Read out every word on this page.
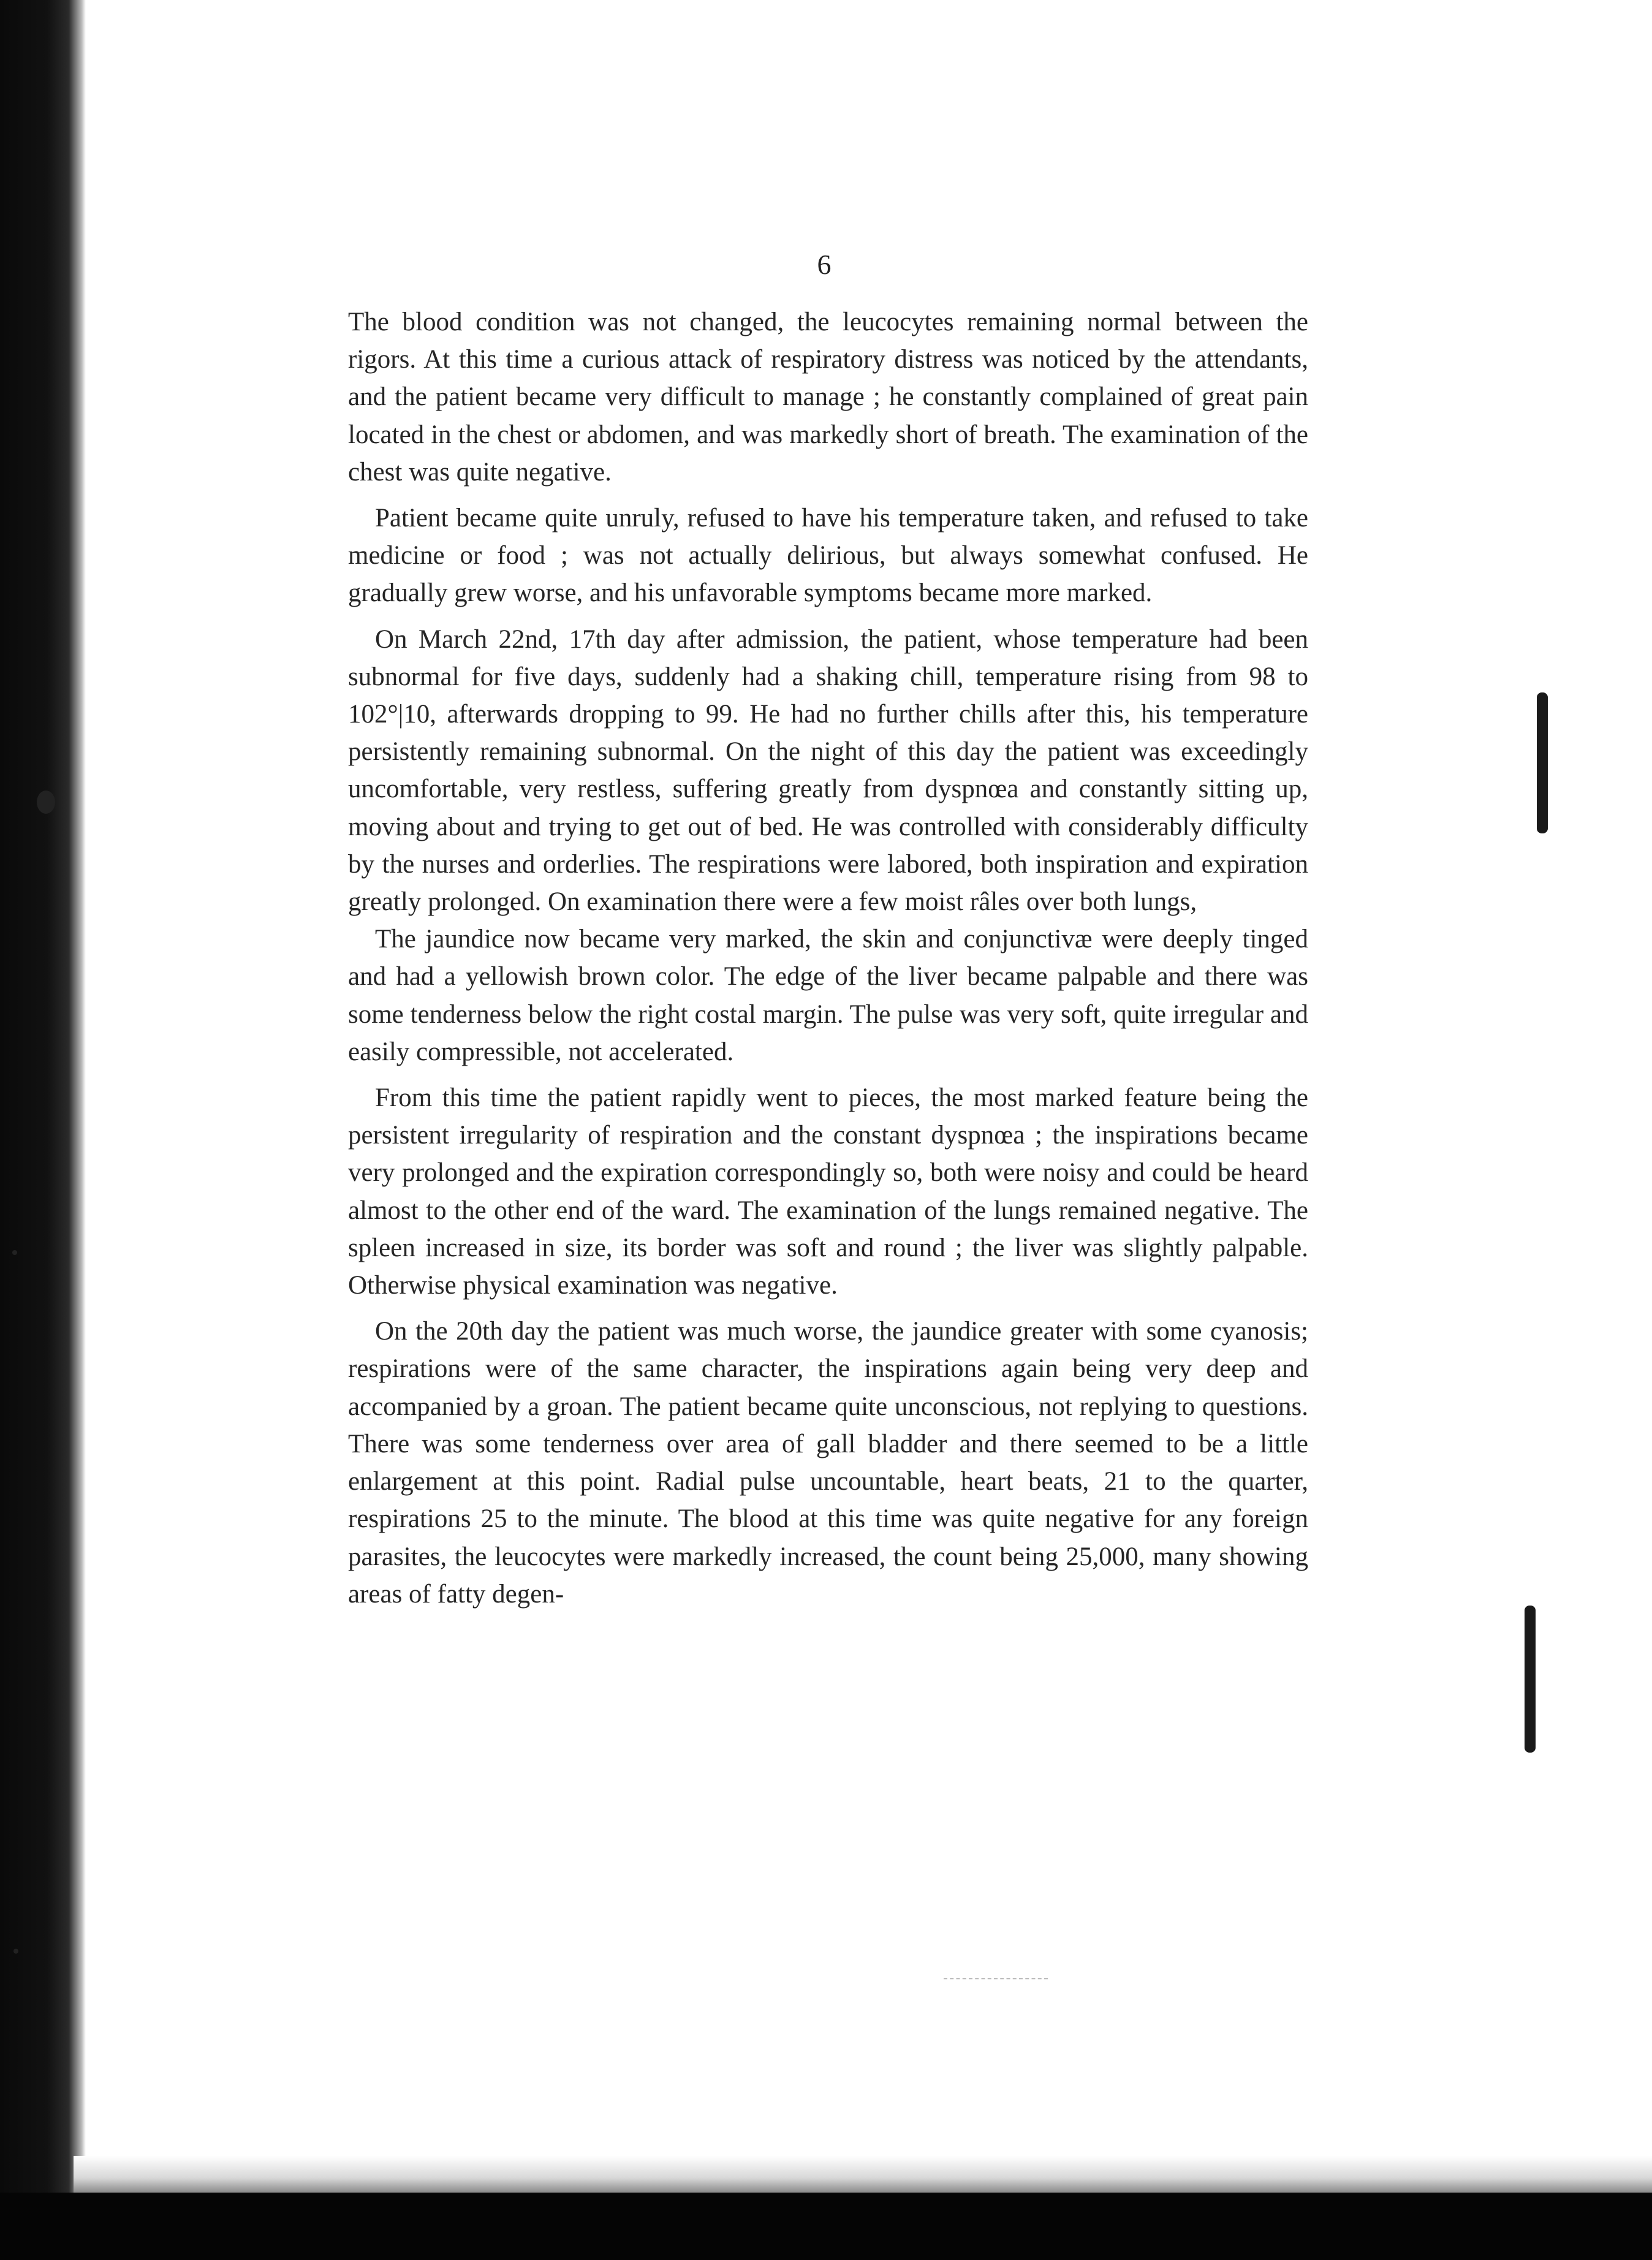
6

The blood condition was not changed, the leucocytes remaining normal between the rigors. At this time a curious attack of respiratory distress was noticed by the attendants, and the patient became very difficult to manage ; he constantly complained of great pain located in the chest or abdomen, and was markedly short of breath. The examination of the chest was quite negative.

Patient became quite unruly, refused to have his temperature taken, and refused to take medicine or food ; was not actually delirious, but always somewhat confused. He gradually grew worse, and his unfavorable symptoms became more marked.

On March 22nd, 17th day after admission, the patient, whose temperature had been subnormal for five days, suddenly had a shaking chill, temperature rising from 98 to 102°|10, afterwards dropping to 99. He had no further chills after this, his temperature persistently remaining subnormal. On the night of this day the patient was exceedingly uncomfortable, very restless, suffering greatly from dyspnœa and constantly sitting up, moving about and trying to get out of bed. He was controlled with considerably difficulty by the nurses and orderlies. The respirations were labored, both inspiration and expiration greatly prolonged. On examination there were a few moist râles over both lungs,

The jaundice now became very marked, the skin and conjunctivæ were deeply tinged and had a yellowish brown color. The edge of the liver became palpable and there was some tenderness below the right costal margin. The pulse was very soft, quite irregular and easily compressible, not accelerated.

From this time the patient rapidly went to pieces, the most marked feature being the persistent irregularity of respiration and the constant dyspnœa ; the inspirations became very prolonged and the expiration correspondingly so, both were noisy and could be heard almost to the other end of the ward. The examination of the lungs remained negative. The spleen increased in size, its border was soft and round ; the liver was slightly palpable. Otherwise physical examination was negative.

On the 20th day the patient was much worse, the jaundice greater with some cyanosis; respirations were of the same character, the inspirations again being very deep and accompanied by a groan. The patient became quite unconscious, not replying to questions. There was some tenderness over area of gall bladder and there seemed to be a little enlargement at this point. Radial pulse uncountable, heart beats, 21 to the quarter, respirations 25 to the minute. The blood at this time was quite negative for any foreign parasites, the leucocytes were markedly increased, the count being 25,000, many showing areas of fatty degen-
